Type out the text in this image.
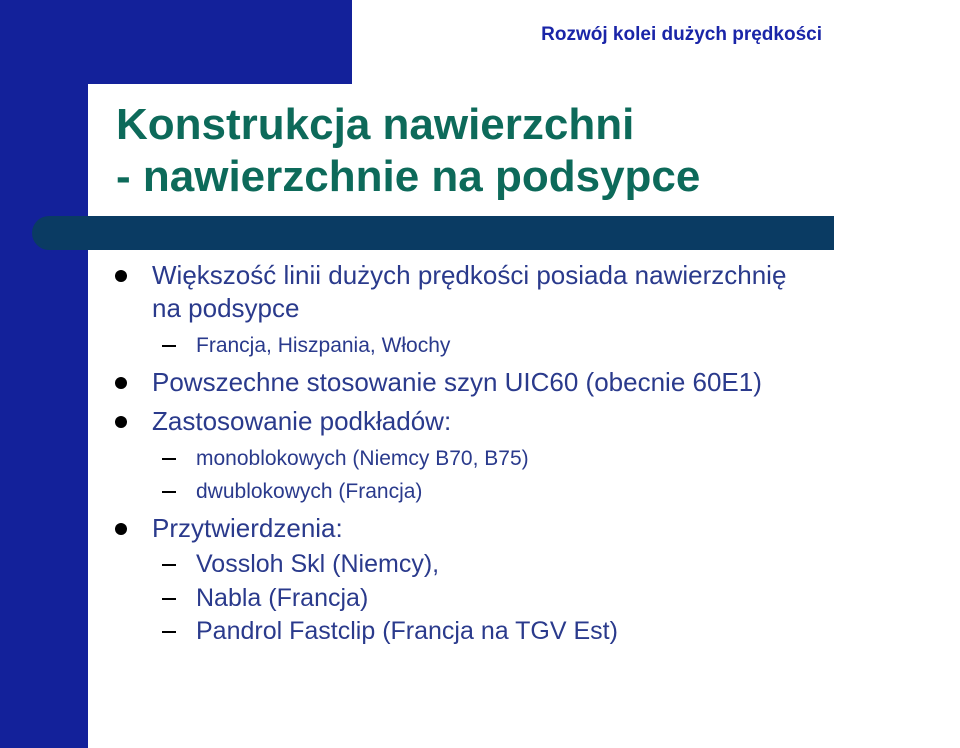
Rozwój kolei dużych prędkości
Konstrukcja nawierzchni
- nawierzchnie na podsypce
Większość linii dużych prędkości posiada nawierzchnię
na podsypce
Francja, Hiszpania, Włochy
Powszechne stosowanie szyn UIC60 (obecnie 60E1)
Zastosowanie podkładów:
monoblokowych (Niemcy B70, B75)
dwublokowych (Francja)
Przytwierdzenia:
Vossloh Skl (Niemcy),
Nabla (Francja)
Pandrol Fastclip (Francja na TGV Est)
